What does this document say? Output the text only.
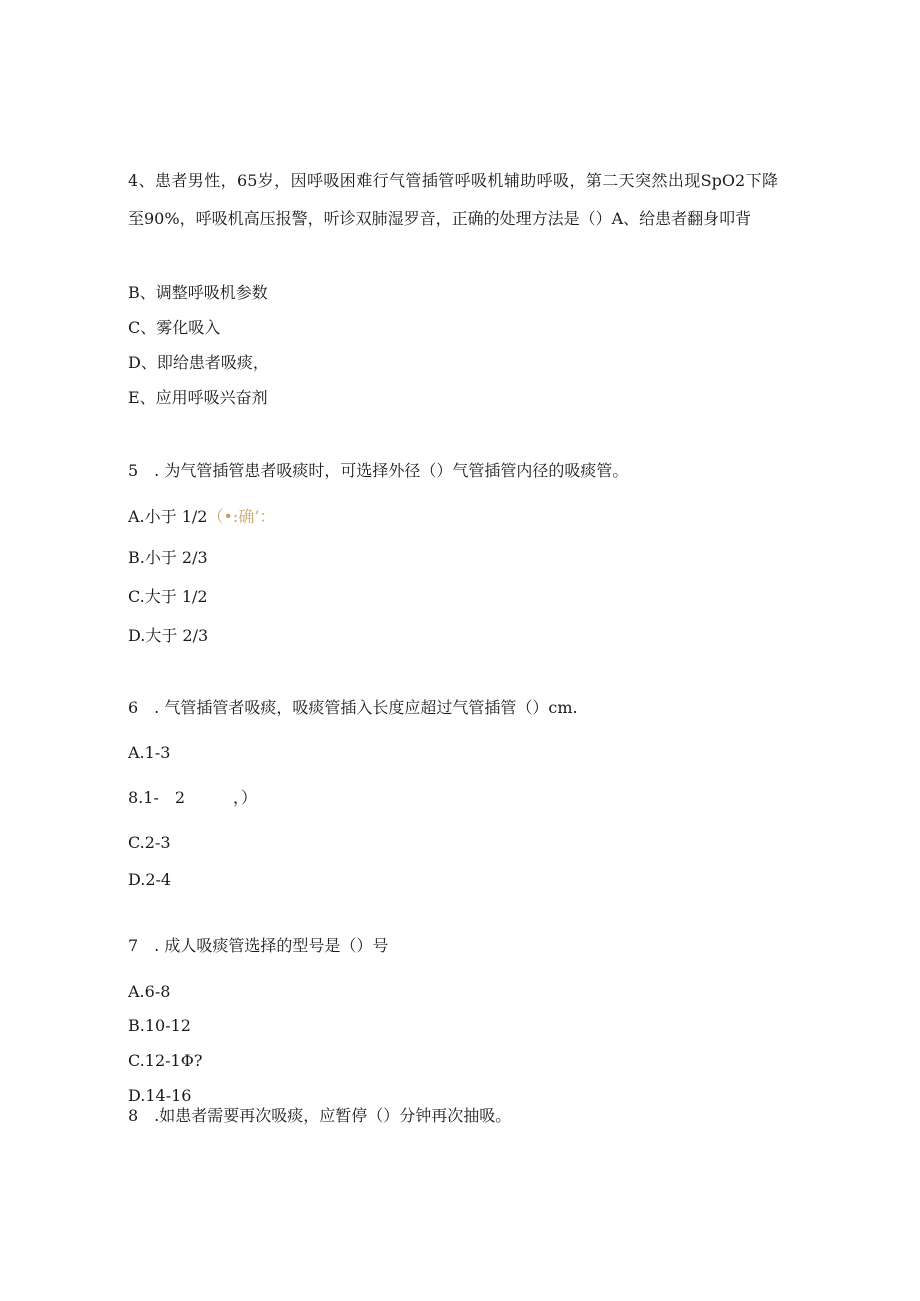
4、患者男性，65岁，因呼吸困难行气管插管呼吸机辅助呼吸，第二天突然出现SpO2下降至90%，呼吸机高压报警，听诊双肺湿罗音，正确的处理方法是（）A、给患者翻身叩背
B、调整呼吸机参数
C、雾化吸入
D、即给患者吸痰，
E、应用呼吸兴奋剂
5　. 为气管插管患者吸痰时，可选择外径（）气管插管内径的吸痰管。
A.小于 1/2（•:确’：
B.小于 2/3
C.大于 1/2
D.大于 2/3
6　. 气管插管者吸痰，吸痰管插入长度应超过气管插管（）cm.
A.1-3
8.1-　2　　　，）
C.2-3
D.2-4
7　. 成人吸痰管选择的型号是（）号
A.6-8
B.10-12
C.12-1Φ?
D.14-16
8　.如患者需要再次吸痰，应暂停（）分钟再次抽吸。
